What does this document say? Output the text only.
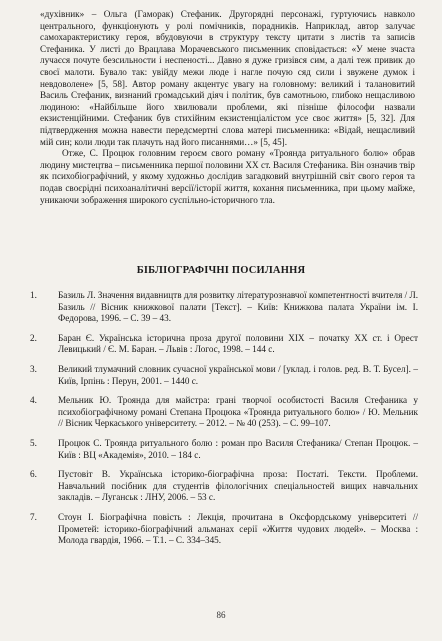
«духівник» – Ольга (Гаморак) Стефаник. Другорядні персонажі, гуртуючись навколо центрального, функціонують у ролі помічників, порадників. Наприклад, автор залучає самохарактеристику героя, вбудовуючи в структуру тексту цитати з листів та записів Стефаника. У листі до Врацлава Морачевського письменник сповідається: «У мене зчаста лучаєся почуте безсильности і неспеності... Давно я дуже гризівся сим, а далі теж привик до своєї малоти. Бувало так: увійду межи люде і нагле почую сяд сили і звужене думок і невдоволене» [5, 58]. Автор роману акцентує увагу на головному: великий і талановитий Василь Стефаник, визнаний громадський діяч і політик, був самотньою, глибоко нещасливою людиною: «Найбільше його хвилювали проблеми, які пізніше філософи назвали екзистенційними. Стефаник був стихійним екзистенціалістом усе своє життя» [5, 32]. Для підтвердження можна навести передсмертні слова матері письменника: «Відай, нещасливий мій син; коли люди так плачуть над його писаннями…» [5, 45].

Отже, С. Процюк головним героєм свого роману «Троянда ритуального болю» обрав людину мистецтва – письменника першої половини XX ст. Василя Стефаника. Він означив твір як психобіографічний, у якому художньо дослідив загадковий внутрішній світ свого героя та подав своєрідні психоаналітичні версії/історії життя, кохання письменника, при цьому майже, уникаючи зображення широкого суспільно-історичного тла.

БІБЛІОГРАФІЧНІ ПОСИЛАННЯ
1. Базиль Л. Значення видавництв для розвитку літературознавчої компетентності вчителя / Л. Базиль // Вісник книжкової палати [Текст]. – Київ: Книжкова палата України ім. І. Федорова, 1996. – С. 39 – 43.
2. Баран Є. Українська історична проза другої половини XIX – початку XX ст. і Орест Левицький / Є. М. Баран. – Львів : Логос, 1998. – 144 с.
3. Великий тлумачний словник сучасної української мови / [уклад. і голов. ред. В. Т. Бусел]. – Київ, Ірпінь : Перун, 2001. – 1440 с.
4. Мельник Ю. Троянда для майстра: грані творчої особистості Василя Стефаника у психобіографічному романі Степана Процюка «Троянда ритуального болю» / Ю. Мельник // Вісник Черкаського університету. – 2012. – № 40 (253). – С. 99–107.
5. Процюк С. Троянда ритуального болю : роман про Василя Стефаника/ Степан Процюк. – Київ : ВЦ «Академія», 2010. – 184 с.
6. Пустовіт В. Українська історико-біографічна проза: Постаті. Тексти. Проблеми. Навчальний посібник для студентів філологічних спеціальностей вищих навчальних закладів. – Луганськ : ЛНУ, 2006. – 53 с.
7. Стоун І. Біографічна повість : Лекція, прочитана в Оксфордському університеті // Прометей: історико-біографічний альманах серії «Життя чудових людей». – Москва : Молода гвардія, 1966. – Т.1. – С. 334–345.
86
